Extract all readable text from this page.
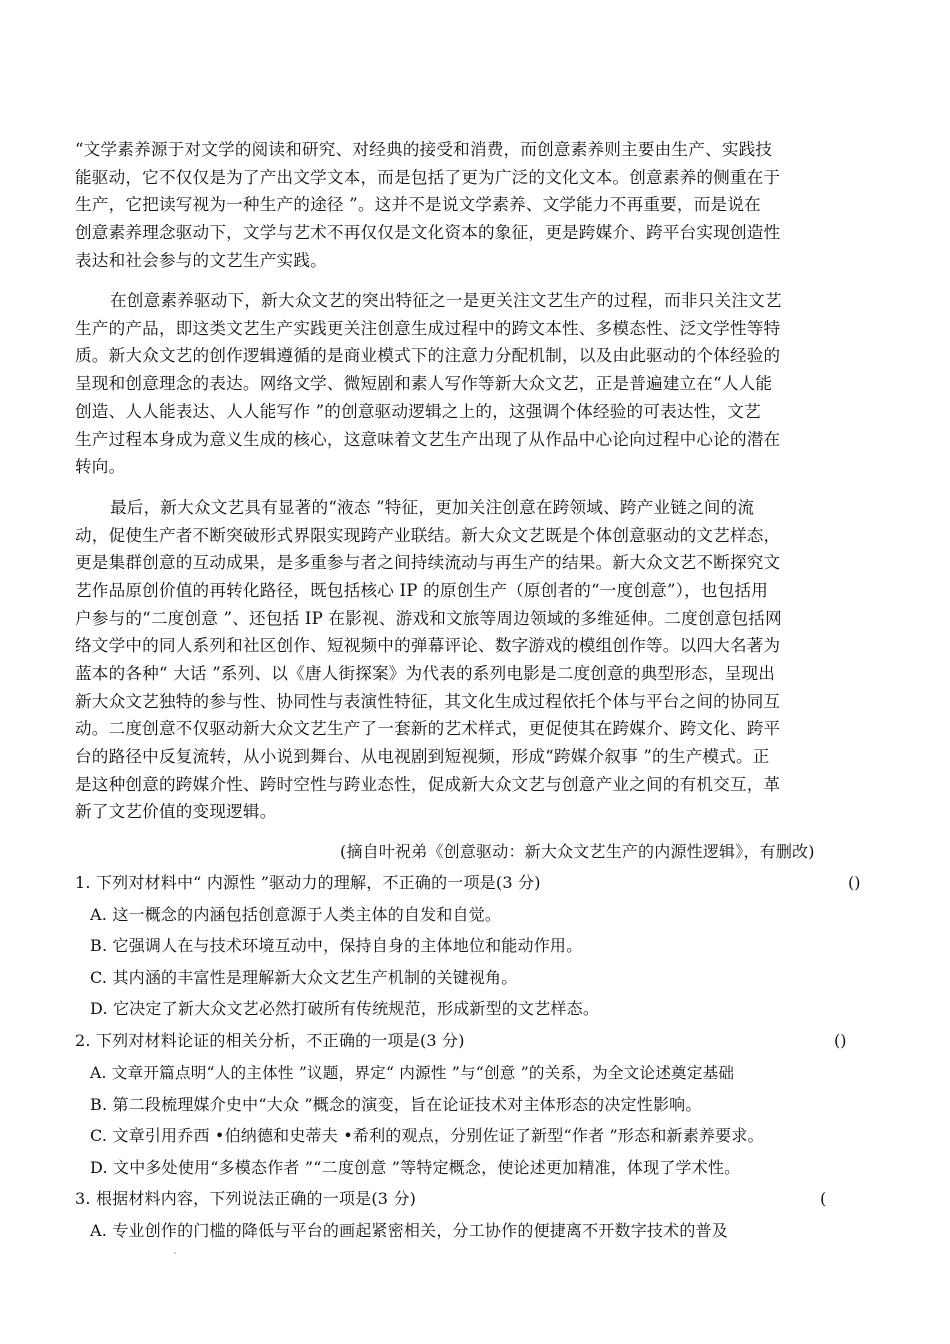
“文学素养源于对文学的阅读和研究、对经典的接受和消费，而创意素养则主要由生产、实践技
能驱动，它不仅仅是为了产出文学文本，而是包括了更为广泛的文化文本。创意素养的侧重在于
生产，它把读写视为一种生产的途径 ”。这并不是说文学素养、文学能力不再重要，而是说在
创意素养理念驱动下，文学与艺术不再仅仅是文化资本的象征，更是跨媒介、跨平台实现创造性
表达和社会参与的文艺生产实践。
在创意素养驱动下，新大众文艺的突出特征之一是更关注文艺生产的过程，而非只关注文艺
生产的产品，即这类文艺生产实践更关注创意生成过程中的跨文本性、多模态性、泛文学性等特
质。新大众文艺的创作逻辑遵循的是商业模式下的注意力分配机制，以及由此驱动的个体经验的
呈现和创意理念的表达。网络文学、微短剧和素人写作等新大众文艺，正是普遍建立在“人人能
创造、人人能表达、人人能写作 ”的创意驱动逻辑之上的，这强调个体经验的可表达性，文艺
生产过程本身成为意义生成的核心，这意味着文艺生产出现了从作品中心论向过程中心论的潜在
转向。
最后，新大众文艺具有显著的“液态 ”特征，更加关注创意在跨领域、跨产业链之间的流
动，促使生产者不断突破形式界限实现跨产业联结。新大众文艺既是个体创意驱动的文艺样态，
更是集群创意的互动成果，是多重参与者之间持续流动与再生产的结果。新大众文艺不断探究文
艺作品原创价值的再转化路径，既包括核心 IP 的原创生产（原创者的“一度创意”），也包括用
户参与的“二度创意 ”、还包括 IP 在影视、游戏和文旅等周边领域的多维延伸。二度创意包括网
络文学中的同人系列和社区创作、短视频中的弹幕评论、数字游戏的模组创作等。以四大名著为
蓝本的各种“ 大话 ”系列、以《唐人街探案》为代表的系列电影是二度创意的典型形态，呈现出
新大众文艺独特的参与性、协同性与表演性特征，其文化生成过程依托个体与平台之间的协同互
动。二度创意不仅驱动新大众文艺生产了一套新的艺术样式，更促使其在跨媒介、跨文化、跨平
台的路径中反复流转，从小说到舞台、从电视剧到短视频，形成“跨媒介叙事 ”的生产模式。正
是这种创意的跨媒介性、跨时空性与跨业态性，促成新大众文艺与创意产业之间的有机交互，革
新了文艺价值的变现逻辑。
(摘自叶祝弟《创意驱动：新大众文艺生产的内源性逻辑》，有删改)
1. 下列对材料中“ 内源性 ”驱动力的理解，不正确的一项是(3 分)	()
A. 这一概念的内涵包括创意源于人类主体的自发和自觉。
B. 它强调人在与技术环境互动中，保持自身的主体地位和能动作用。
C. 其内涵的丰富性是理解新大众文艺生产机制的关键视角。
D. 它决定了新大众文艺必然打破所有传统规范，形成新型的文艺样态。
2. 下列对材料论证的相关分析，不正确的一项是(3 分)	()
A. 文章开篇点明“人的主体性 ”议题，界定“ 内源性 ”与“创意 ”的关系，为全文论述奠定基础
B. 第二段梳理媒介史中“大众 ”概念的演变，旨在论证技术对主体形态的决定性影响。
C. 文章引用乔西 •伯纳德和史蒂夫 •希利的观点，分别佐证了新型“作者 ”形态和新素养要求。
D. 文中多处使用“多模态作者 ”“二度创意 ”等特定概念，使论述更加精准，体现了学术性。
3. 根据材料内容，下列说法正确的一项是(3 分)	(
A. 专业创作的门槛的降低与平台的画起紧密相关，分工协作的便捷离不开数字技术的普及
